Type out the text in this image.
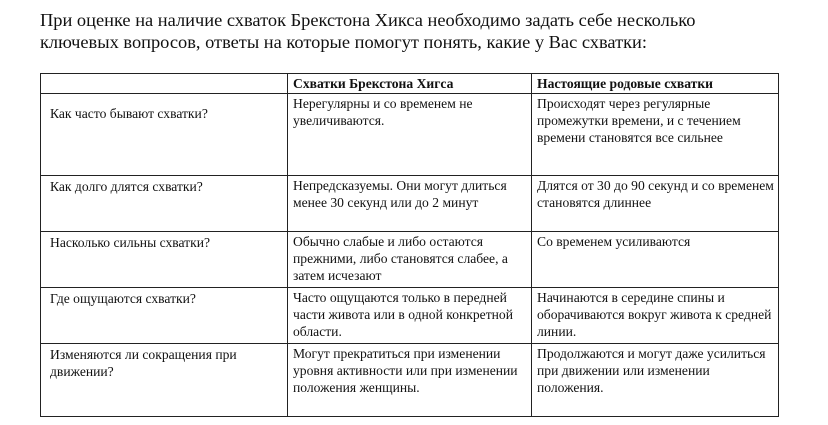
При оценке на наличие схваток Брекстона Хикса необходимо задать себе несколько
ключевых вопросов, ответы на которые помогут понять, какие у Вас схватки:

	Схватки Брекстона Хигса	Настоящие родовые схватки
Как часто бывают схватки?	Нерегулярны и со временем не увеличиваются.	Происходят через регулярные промежутки времени, и с течением времени становятся все сильнее
Как долго длятся схватки?	Непредсказуемы. Они могут длиться менее 30 секунд или до 2 минут	Длятся от 30 до 90 секунд и со временем становятся длиннее
Насколько сильны схватки?	Обычно слабые и либо остаются прежними, либо становятся слабее, а затем исчезают	Со временем усиливаются
Где ощущаются схватки?	Часто ощущаются только в передней части живота или в одной конкретной области.	Начинаются в середине спины и оборачиваются вокруг живота к средней линии.
Изменяются ли сокращения при движении?	Могут прекратиться при изменении уровня активности или при изменении положения женщины.	Продолжаются и могут даже усилиться при движении или изменении положения.
